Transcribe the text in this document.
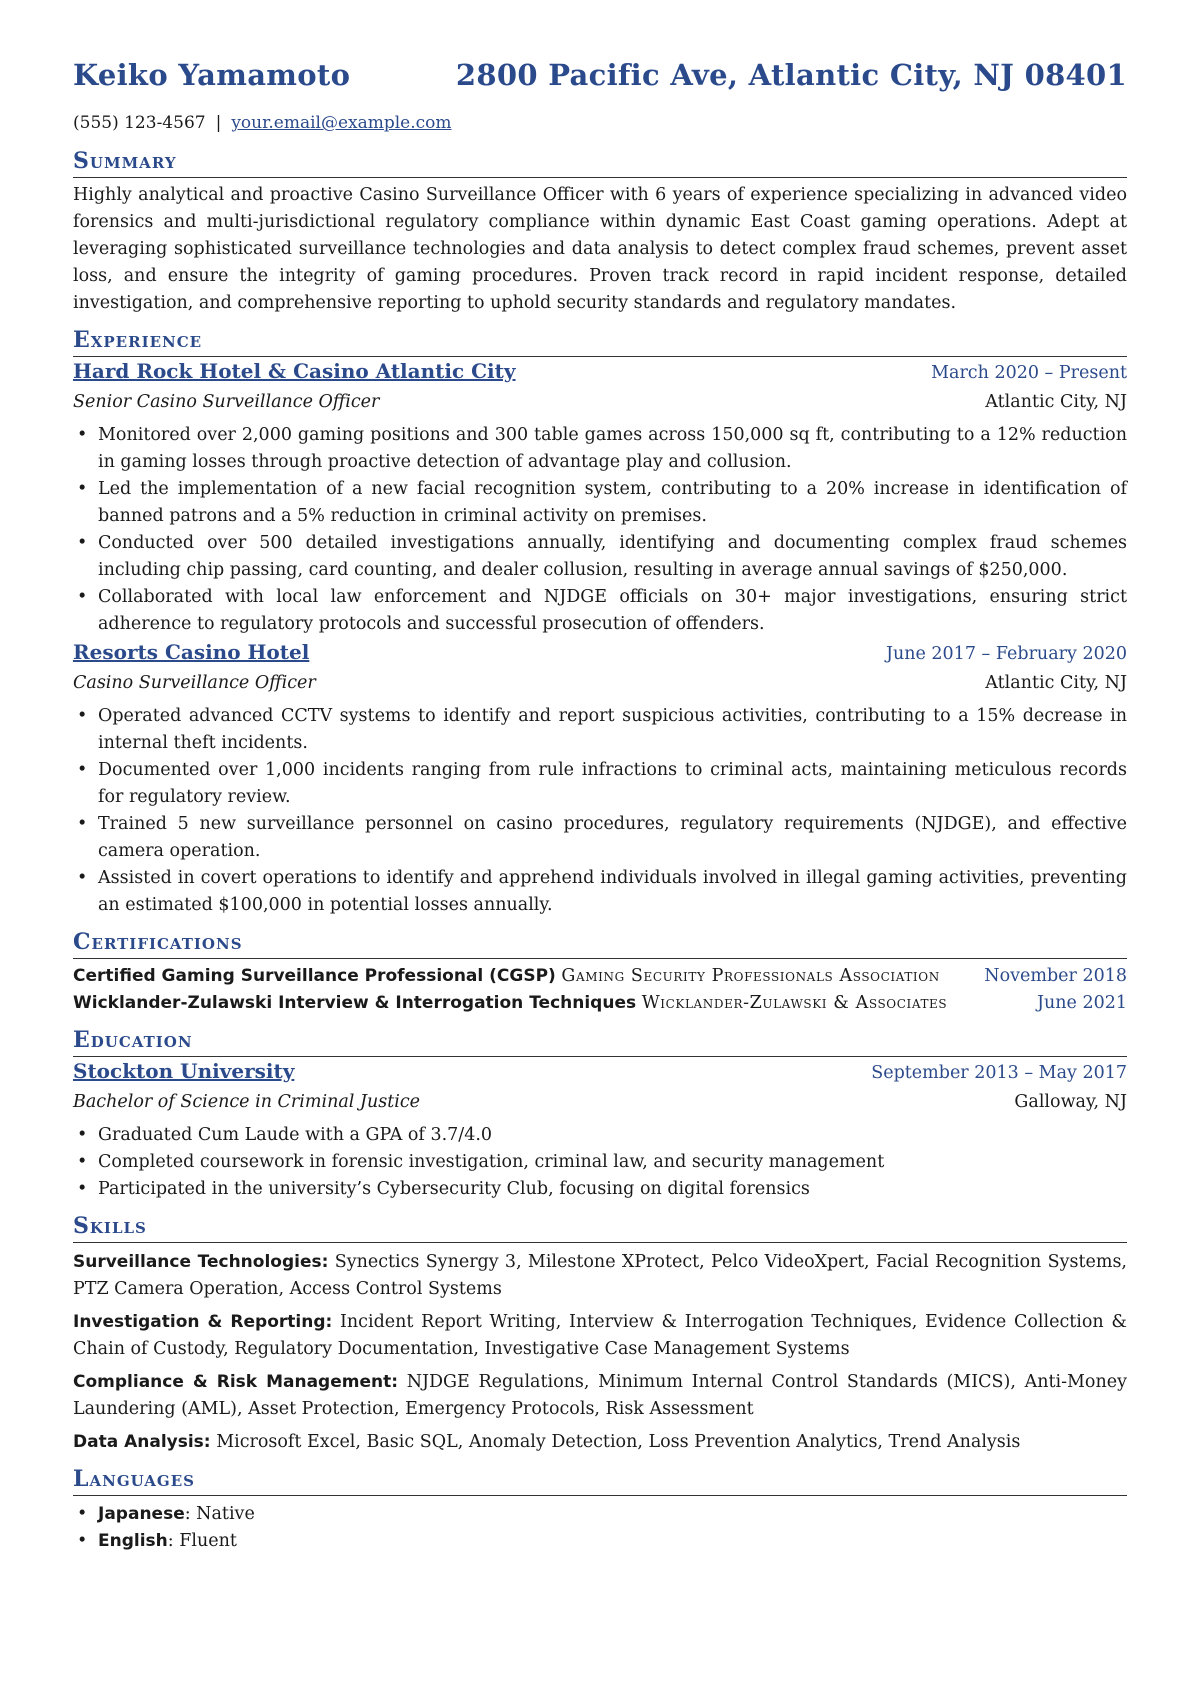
Keiko Yamamoto	2800 Pacific Ave, Atlantic City, NJ 08401
(555) 123-4567 | your.email@example.com
Summary
Highly analytical and proactive Casino Surveillance Officer with 6 years of experience specializing in advanced video forensics and multi-jurisdictional regulatory compliance within dynamic East Coast gaming operations. Adept at leveraging sophisticated surveillance technologies and data analysis to detect complex fraud schemes, prevent asset loss, and ensure the integrity of gaming procedures. Proven track record in rapid incident response, detailed investigation, and comprehensive reporting to uphold security standards and regulatory mandates.
Experience
Hard Rock Hotel & Casino Atlantic City	March 2020 – Present
Senior Casino Surveillance Officer	Atlantic City, NJ
• Monitored over 2,000 gaming positions and 300 table games across 150,000 sq ft, contributing to a 12% reduction in gaming losses through proactive detection of advantage play and collusion.
• Led the implementation of a new facial recognition system, contributing to a 20% increase in identification of banned patrons and a 5% reduction in criminal activity on premises.
• Conducted over 500 detailed investigations annually, identifying and documenting complex fraud schemes including chip passing, card counting, and dealer collusion, resulting in average annual savings of $250,000.
• Collaborated with local law enforcement and NJDGE officials on 30+ major investigations, ensuring strict adherence to regulatory protocols and successful prosecution of offenders.
Resorts Casino Hotel	June 2017 – February 2020
Casino Surveillance Officer	Atlantic City, NJ
• Operated advanced CCTV systems to identify and report suspicious activities, contributing to a 15% decrease in internal theft incidents.
• Documented over 1,000 incidents ranging from rule infractions to criminal acts, maintaining meticulous records for regulatory review.
• Trained 5 new surveillance personnel on casino procedures, regulatory requirements (NJDGE), and effective camera operation.
• Assisted in covert operations to identify and apprehend individuals involved in illegal gaming activities, preventing an estimated $100,000 in potential losses annually.
Certifications
Certified Gaming Surveillance Professional (CGSP) Gaming Security Professionals Association	November 2018
Wicklander-Zulawski Interview & Interrogation Techniques Wicklander-Zulawski & Associates	June 2021
Education
Stockton University	September 2013 – May 2017
Bachelor of Science in Criminal Justice	Galloway, NJ
• Graduated Cum Laude with a GPA of 3.7/4.0
• Completed coursework in forensic investigation, criminal law, and security management
• Participated in the university’s Cybersecurity Club, focusing on digital forensics
Skills
Surveillance Technologies: Synectics Synergy 3, Milestone XProtect, Pelco VideoXpert, Facial Recognition Systems, PTZ Camera Operation, Access Control Systems
Investigation & Reporting: Incident Report Writing, Interview & Interrogation Techniques, Evidence Collection & Chain of Custody, Regulatory Documentation, Investigative Case Management Systems
Compliance & Risk Management: NJDGE Regulations, Minimum Internal Control Standards (MICS), Anti-Money Laundering (AML), Asset Protection, Emergency Protocols, Risk Assessment
Data Analysis: Microsoft Excel, Basic SQL, Anomaly Detection, Loss Prevention Analytics, Trend Analysis
Languages
• Japanese: Native
• English: Fluent
